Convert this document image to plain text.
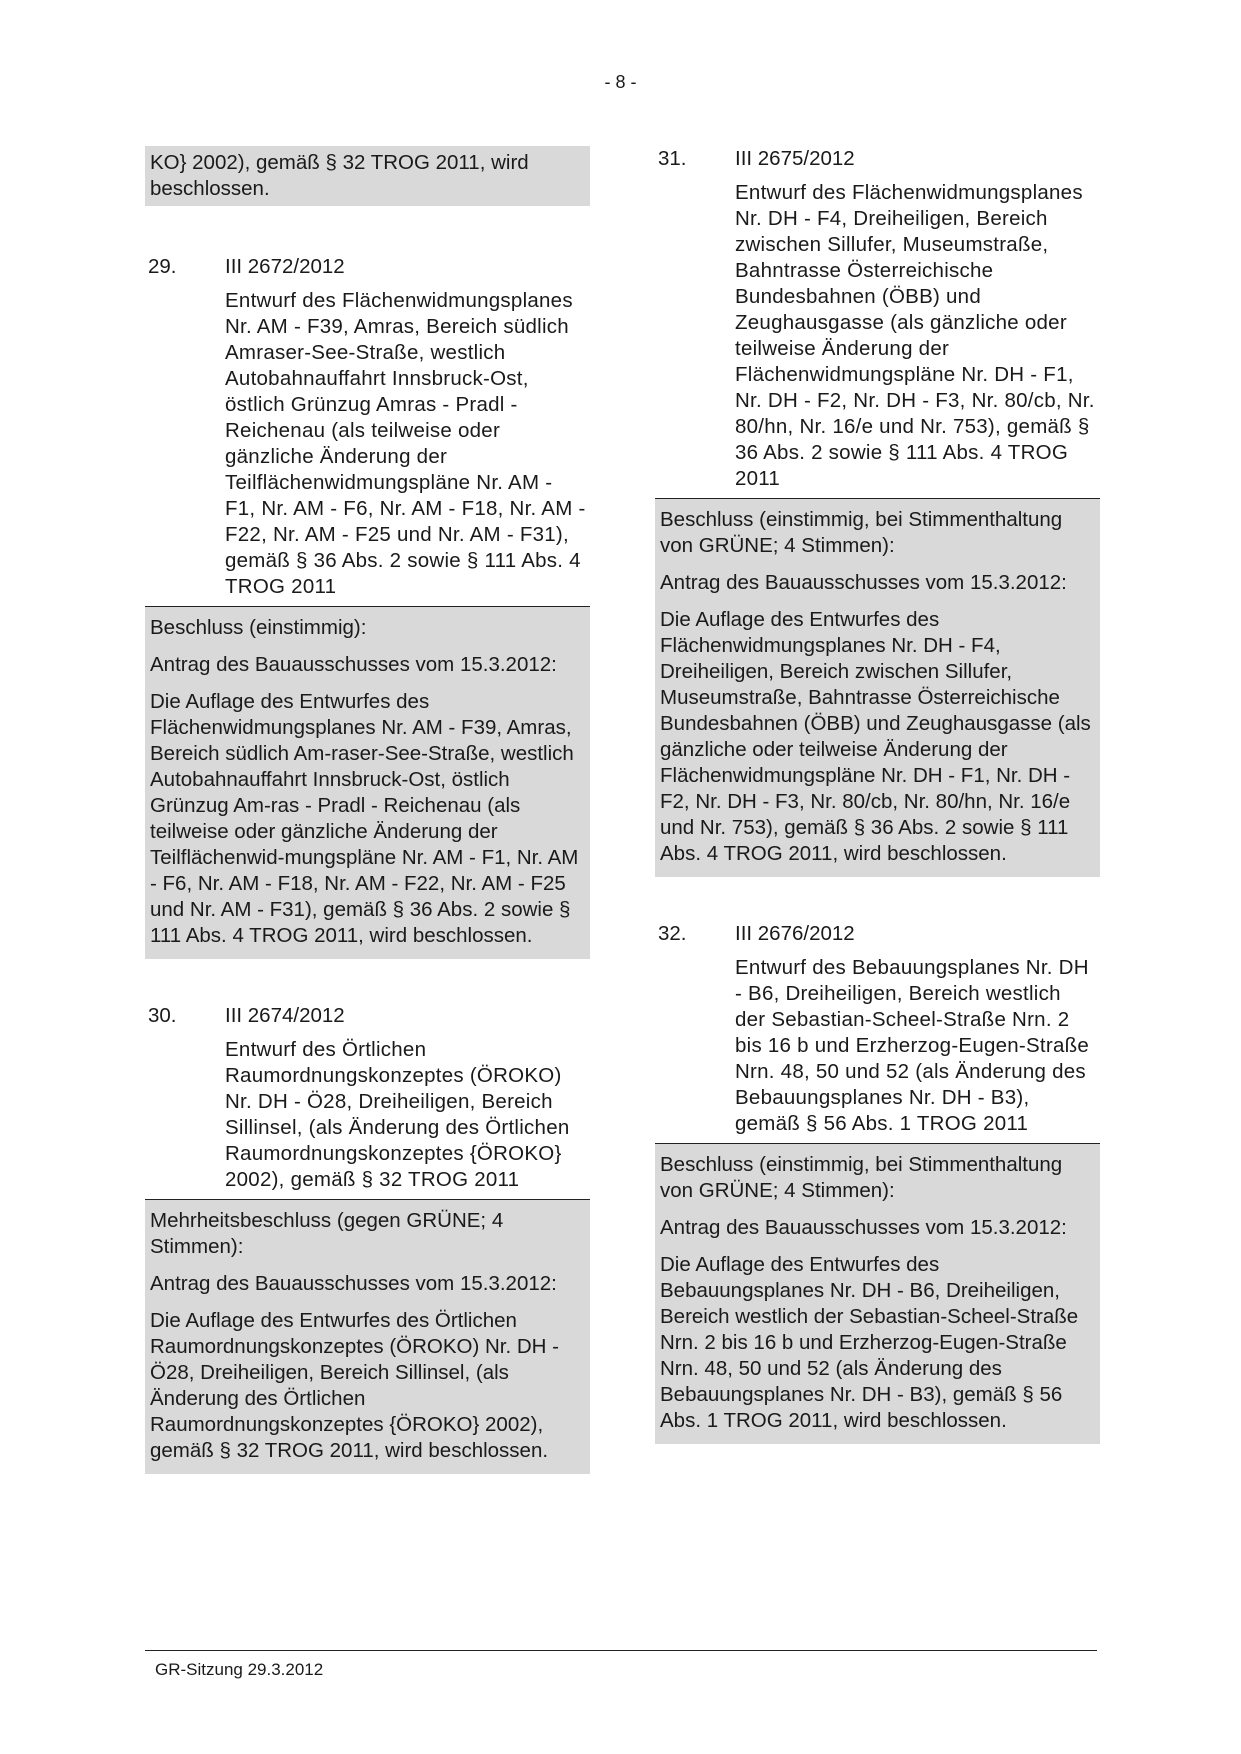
- 8 -
KO} 2002), gemäß § 32 TROG 2011, wird beschlossen.
29.	III 2672/2012
Entwurf des Flächenwidmungsplanes Nr. AM - F39, Amras, Bereich südlich Amraser-See-Straße, westlich Autobahnauffahrt Innsbruck-Ost, östlich Grünzug Amras - Pradl - Reichenau (als teilweise oder gänzliche Änderung der Teilflächenwidmungspläne Nr. AM - F1, Nr. AM - F6, Nr. AM - F18, Nr. AM - F22, Nr. AM - F25 und Nr. AM - F31), gemäß § 36 Abs. 2 sowie § 111 Abs. 4 TROG 2011

Beschluss (einstimmig):

Antrag des Bauausschusses vom 15.3.2012:

Die Auflage des Entwurfes des Flächenwidmungsplanes Nr. AM - F39, Amras, Bereich südlich Am-raser-See-Straße, westlich Autobahnauffahrt Innsbruck-Ost, östlich Grünzug Am-ras - Pradl - Reichenau (als teilweise oder gänzliche Änderung der Teilflächenwid-mungspläne Nr. AM - F1, Nr. AM - F6, Nr. AM - F18, Nr. AM - F22, Nr. AM - F25 und Nr. AM - F31), gemäß § 36 Abs. 2 sowie § 111 Abs. 4 TROG 2011, wird beschlossen.

30.	III 2674/2012
Entwurf des Örtlichen Raumordnungskonzeptes (ÖROKO) Nr. DH - Ö28, Dreiheiligen, Bereich Sillinsel, (als Änderung des Örtlichen Raumordnungskonzeptes {ÖROKO} 2002), gemäß § 32 TROG 2011

Mehrheitsbeschluss (gegen GRÜNE; 4 Stimmen):

Antrag des Bauausschusses vom 15.3.2012:

Die Auflage des Entwurfes des Örtlichen Raumordnungskonzeptes (ÖROKO) Nr. DH - Ö28, Dreiheiligen, Bereich Sillinsel, (als Änderung des Örtlichen Raumordnungskonzeptes {ÖROKO} 2002), gemäß § 32 TROG 2011, wird beschlossen.

31.	III 2675/2012
Entwurf des Flächenwidmungsplanes Nr. DH - F4, Dreiheiligen, Bereich zwischen Sillufer, Museumstraße, Bahntrasse Österreichische Bundesbahnen (ÖBB) und Zeughausgasse (als gänzliche oder teilweise Änderung der Flächenwidmungspläne Nr. DH - F1, Nr. DH - F2, Nr. DH - F3, Nr. 80/cb, Nr. 80/hn, Nr. 16/e und Nr. 753), gemäß § 36 Abs. 2 sowie § 111 Abs. 4 TROG 2011

Beschluss (einstimmig, bei Stimmenthaltung von GRÜNE; 4 Stimmen):

Antrag des Bauausschusses vom 15.3.2012:

Die Auflage des Entwurfes des Flächenwidmungsplanes Nr. DH - F4, Dreiheiligen, Bereich zwischen Sillufer, Museumstraße, Bahntrasse Österreichische Bundesbahnen (ÖBB) und Zeughausgasse (als gänzliche oder teilweise Änderung der Flächenwidmungspläne Nr. DH - F1, Nr. DH - F2, Nr. DH - F3, Nr. 80/cb, Nr. 80/hn, Nr. 16/e und Nr. 753), gemäß § 36 Abs. 2 sowie § 111 Abs. 4 TROG 2011, wird beschlossen.

32.	III 2676/2012
Entwurf des Bebauungsplanes Nr. DH - B6, Dreiheiligen, Bereich westlich der Sebastian-Scheel-Straße Nrn. 2 bis 16 b und Erzherzog-Eugen-Straße Nrn. 48, 50 und 52 (als Änderung des Bebauungsplanes Nr. DH - B3), gemäß § 56 Abs. 1 TROG 2011

Beschluss (einstimmig, bei Stimmenthaltung von GRÜNE; 4 Stimmen):

Antrag des Bauausschusses vom 15.3.2012:

Die Auflage des Entwurfes des Bebauungsplanes Nr. DH - B6, Dreiheiligen, Bereich westlich der Sebastian-Scheel-Straße Nrn. 2 bis 16 b und Erzherzog-Eugen-Straße Nrn. 48, 50 und 52 (als Änderung des Bebauungsplanes Nr. DH - B3), gemäß § 56 Abs. 1 TROG 2011, wird beschlossen.

GR-Sitzung 29.3.2012
